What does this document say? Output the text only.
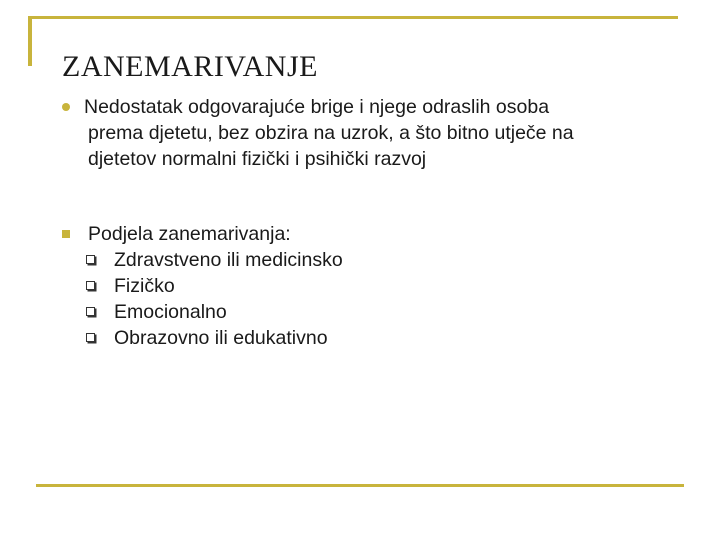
ZANEMARIVANJE
Nedostatak odgovarajuće brige i njege odraslih osoba
prema djetetu, bez obzira na uzrok, a što bitno utječe na
djetetov normalni fizički i psihički razvoj
Podjela zanemarivanja:
Zdravstveno ili medicinsko
Fizičko
Emocionalno
Obrazovno ili edukativno
